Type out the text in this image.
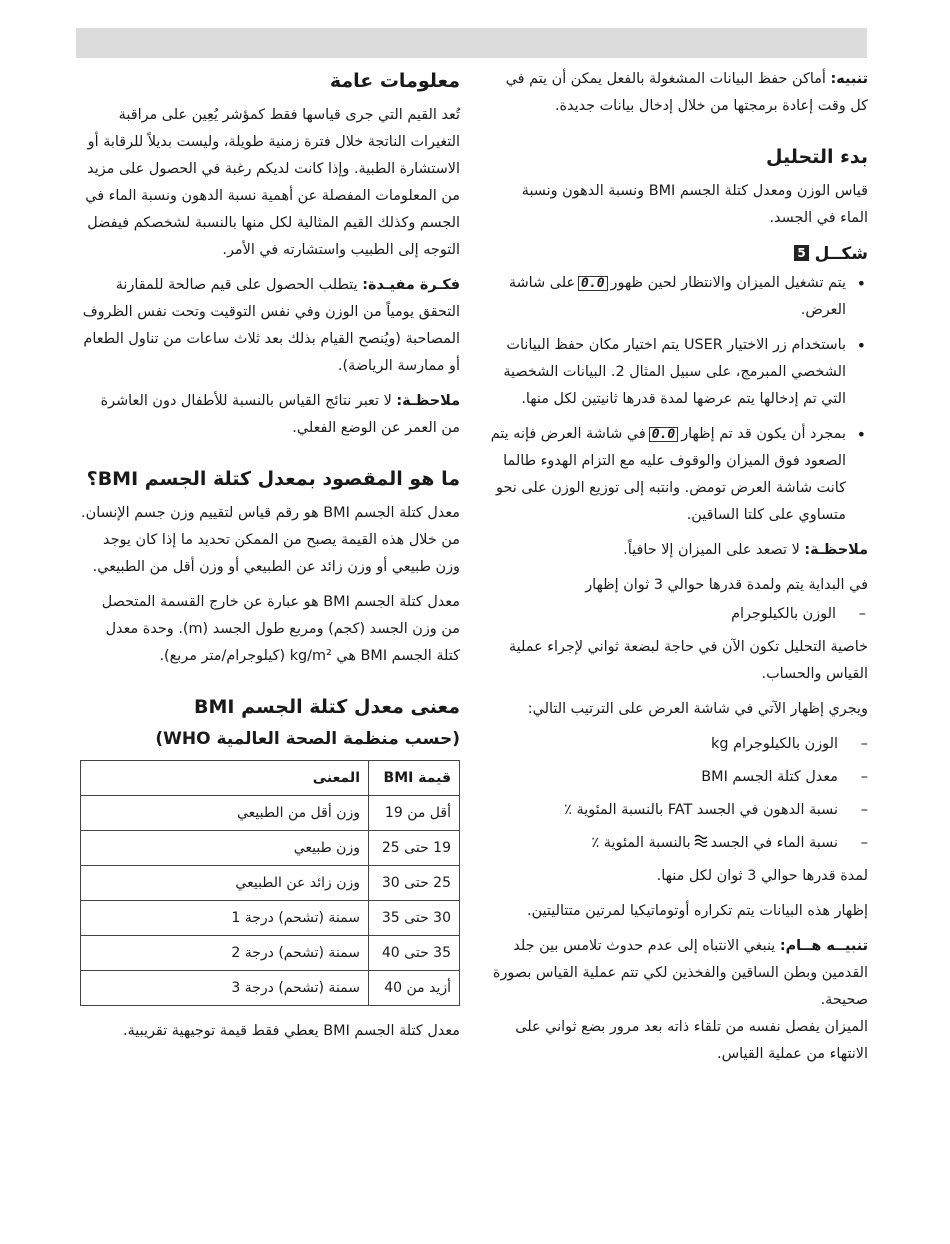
تنبيه: أماكن حفظ البيانات المشغولة بالفعل يمكن أن يتم في كل وقت إعادة برمجتها من خلال إدخال بيانات جديدة.

بدء التحليل

قياس الوزن ومعدل كتلة الجسم BMI ونسبة الدهون ونسبة الماء في الجسد.

شكــل 5
• يتم تشغيل الميزان والانتظار لحين ظهور0.0على شاشة العرض.
• باستخدام زر الاختيار USER يتم اختيار مكان حفظ البيانات الشخصي المبرمج، على سبيل المثال 2. البيانات الشخصية التي تم إدخالها يتم عرضها لمدة قدرها ثانيتين لكل منها.
• بمجرد أن يكون قد تم إظهار0.0في شاشة العرض فإنه يتم الصعود فوق الميزان والوقوف عليه مع التزام الهدوء طالما كانت شاشة العرض تومض. وانتبه إلى توزيع الوزن على نحو متساوي على كلتا الساقين.

ملاحظـة: لا تصعد على الميزان إلا حافياً.

في البداية يتم ولمدة قدرها حوالي 3 ثوان إظهار

– الوزن بالكيلوجرام

خاصية التحليل تكون الآن في حاجة لبضعة ثواني لإجراء عملية القياس والحساب.

ويجري إظهار الآتي في شاشة العرض على الترتيب التالي:

– الوزن بالكيلوجرام kg
– معدل كتلة الجسم BMI
– نسبة الدهون في الجسد FAT بالنسبة المئوية ٪
– نسبة الماء في الجسدبالنسبة المئوية ٪

لمدة قدرها حوالي 3 ثوان لكل منها.

إظهار هذه البيانات يتم تكراره أوتوماتيكيا لمرتين متتاليتين.

تنبيــه هــام: ينبغي الانتباه إلى عدم حدوث تلامس بين جلد القدمين وبطن الساقين والفخذين لكي تتم عملية القياس بصورة صحيحة.

الميزان يفصل نفسه من تلقاء ذاته بعد مرور بضع ثواني على الانتهاء من عملية القياس.

معلومات عامة

تُعد القيم التي جرى قياسها فقط كمؤشر يُعِين على مراقبة التغيرات الناتجة خلال فترة زمنية طويلة، وليست بديلاً للرقابة أو الاستشارة الطبية. وإذا كانت لديكم رغبة في الحصول على مزيد من المعلومات المفصلة عن أهمية نسبة الدهون ونسبة الماء في الجسم وكذلك القيم المثالية لكل منها بالنسبة لشخصكم فيفضل التوجه إلى الطبيب واستشارته في الأمر.

فكـرة مفيـدة: يتطلب الحصول على قيم صالحة للمقارنة التحقق يومياً من الوزن وفي نفس التوقيت وتحت نفس الظروف المصاحبة (ويُنصح القيام بذلك بعد ثلاث ساعات من تناول الطعام أو ممارسة الرياضة).

ملاحظـة: لا تعبر نتائج القياس بالنسبة للأطفال دون العاشرة من العمر عن الوضع الفعلي.

ما هو المقصود بمعدل كتلة الجسم BMI؟

معدل كتلة الجسم BMI هو رقم قياس لتقييم وزن جسم الإنسان. من خلال هذه القيمة يصبح من الممكن تحديد ما إذا كان يوجد وزن طبيعي أو وزن زائد عن الطبيعي أو وزن أقل من الطبيعي.

معدل كتلة الجسم BMI هو عبارة عن خارج القسمة المتحصل من وزن الجسد (كجم) ومربع طول الجسد (m). وحدة معدل كتلة الجسم BMI هي kg/m² (كيلوجرام/متر مربع).

معنى معدل كتلة الجسم BMI
(حسب منظمة الصحة العالمية WHO)
قيمة BMI	المعنى
أقل من 19	وزن أقل من الطبيعي
19 حتى 25	وزن طبيعي
25 حتى 30	وزن زائد عن الطبيعي
30 حتى 35	سمنة (تشحم) درجة 1
35 حتى 40	سمنة (تشحم) درجة 2
أزيد من 40	سمنة (تشحم) درجة 3

معدل كتلة الجسم BMI يعطي فقط قيمة توجيهية تقريبية.
